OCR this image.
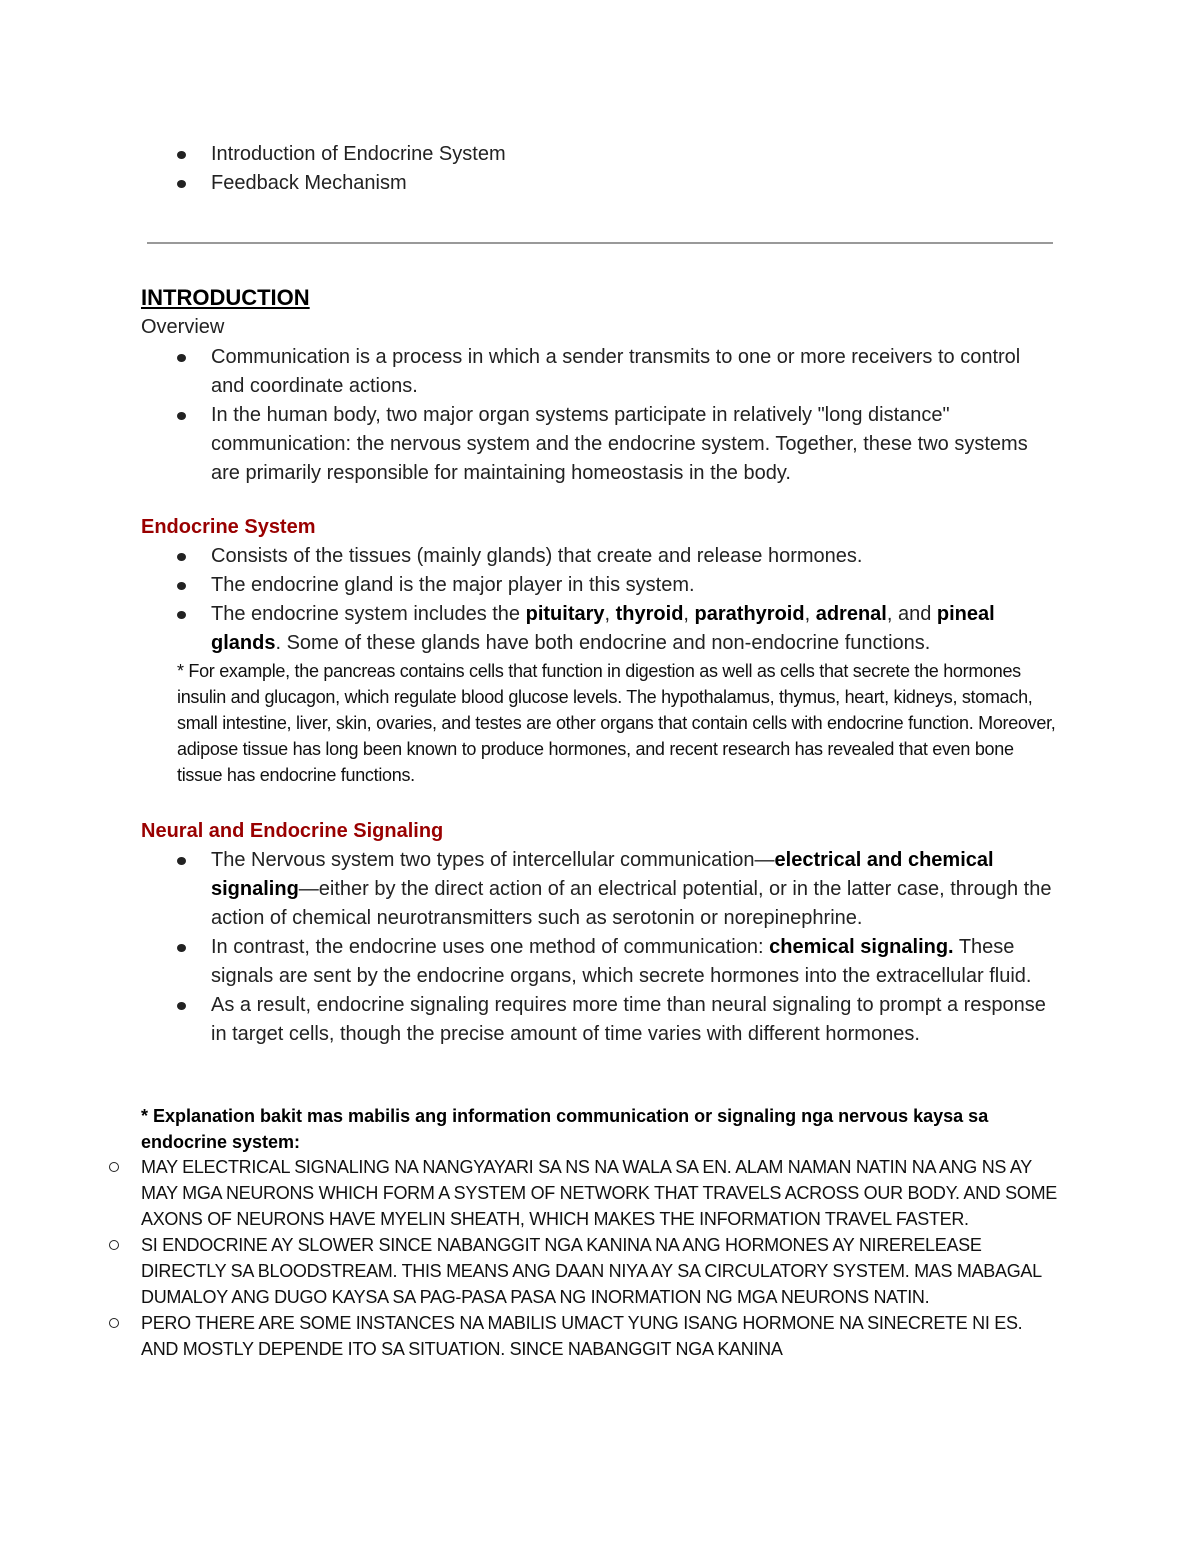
Introduction of Endocrine System
Feedback Mechanism
INTRODUCTION
Overview
Communication is a process in which a sender transmits to one or more receivers to control and coordinate actions.
In the human body, two major organ systems participate in relatively "long distance" communication: the nervous system and the endocrine system. Together, these two systems are primarily responsible for maintaining homeostasis in the body.
Endocrine System
Consists of the tissues (mainly glands) that create and release hormones.
The endocrine gland is the major player in this system.
The endocrine system includes the pituitary, thyroid, parathyroid, adrenal, and pineal glands. Some of these glands have both endocrine and non-endocrine functions.
* For example, the pancreas contains cells that function in digestion as well as cells that secrete the hormones insulin and glucagon, which regulate blood glucose levels. The hypothalamus, thymus, heart, kidneys, stomach, small intestine, liver, skin, ovaries, and testes are other organs that contain cells with endocrine function. Moreover, adipose tissue has long been known to produce hormones, and recent research has revealed that even bone tissue has endocrine functions.
Neural and Endocrine Signaling
The Nervous system two types of intercellular communication—electrical and chemical signaling—either by the direct action of an electrical potential, or in the latter case, through the action of chemical neurotransmitters such as serotonin or norepinephrine.
In contrast, the endocrine uses one method of communication: chemical signaling. These signals are sent by the endocrine organs, which secrete hormones into the extracellular fluid.
As a result, endocrine signaling requires more time than neural signaling to prompt a response in target cells, though the precise amount of time varies with different hormones.
* Explanation bakit mas mabilis ang information communication or signaling nga nervous kaysa sa endocrine system:
MAY ELECTRICAL SIGNALING NA NANGYAYARI SA NS NA WALA SA EN. ALAM NAMAN NATIN NA ANG NS AY MAY MGA NEURONS WHICH FORM A SYSTEM OF NETWORK THAT TRAVELS ACROSS OUR BODY. AND SOME AXONS OF NEURONS HAVE MYELIN SHEATH, WHICH MAKES THE INFORMATION TRAVEL FASTER.
SI ENDOCRINE AY SLOWER SINCE NABANGGIT NGA KANINA NA ANG HORMONES AY NIRERELEASE DIRECTLY SA BLOODSTREAM. THIS MEANS ANG DAAN NIYA AY SA CIRCULATORY SYSTEM. MAS MABAGAL DUMALOY ANG DUGO KAYSA SA PAG-PASA PASA NG INORMATION NG MGA NEURONS NATIN.
PERO THERE ARE SOME INSTANCES NA MABILIS UMACT YUNG ISANG HORMONE NA SINECRETE NI ES. AND MOSTLY DEPENDE ITO SA SITUATION. SINCE NABANGGIT NGA KANINA
